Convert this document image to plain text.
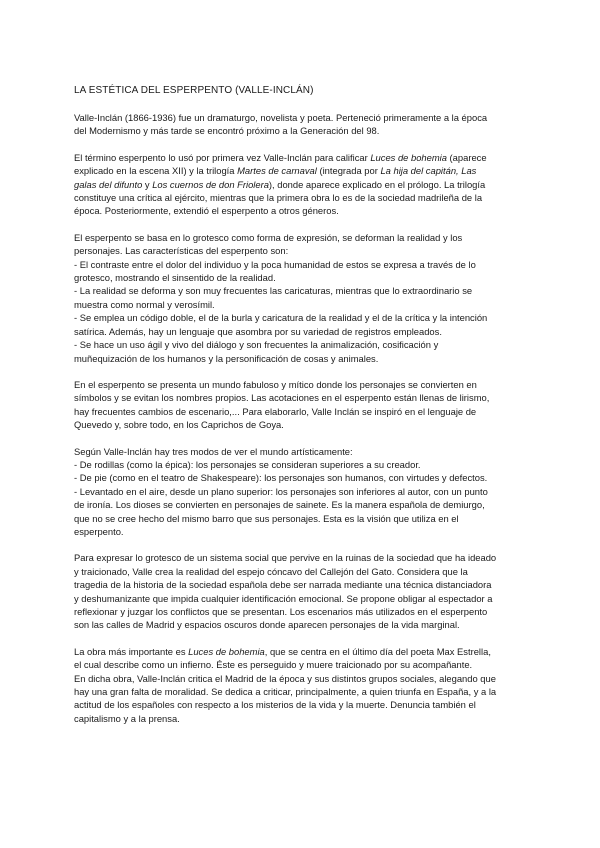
LA ESTÉTICA DEL ESPERPENTO (VALLE-INCLÁN)
Valle-Inclán (1866-1936) fue un dramaturgo, novelista y poeta. Perteneció primeramente a la época
del Modernismo y más tarde se encontró próximo a la Generación del 98.
El término esperpento lo usó por primera vez Valle-Inclán para calificar Luces de bohemia (aparece
explicado en la escena XII) y la trilogía Martes de carnaval (integrada por La hija del capitán, Las
galas del difunto y Los cuernos de don Friolera), donde aparece explicado en el prólogo. La trilogía
constituye una crítica al ejército, mientras que la primera obra lo es de la sociedad madrileña de la
época. Posteriormente, extendió el esperpento a otros géneros.
El esperpento se basa en lo grotesco como forma de expresión, se deforman la realidad y los
personajes. Las características del esperpento son:
- El contraste entre el dolor del individuo y la poca humanidad de estos se expresa a través de lo
grotesco, mostrando el sinsentido de la realidad.
- La realidad se deforma y son muy frecuentes las caricaturas, mientras que lo extraordinario se
muestra como normal y verosímil.
- Se emplea un código doble, el de la burla y caricatura de la realidad y el de la crítica y la intención
satírica. Además, hay un lenguaje que asombra por su variedad de registros empleados.
- Se hace un uso ágil y vivo del diálogo y son frecuentes la animalización, cosificación y
muñequización de los humanos y la personificación de cosas y animales.
En el esperpento se presenta un mundo fabuloso y mítico donde los personajes se convierten en
símbolos y se evitan los nombres propios. Las acotaciones en el esperpento están llenas de lirismo,
hay frecuentes cambios de escenario,... Para elaborarlo, Valle Inclán se inspiró en el lenguaje de
Quevedo y, sobre todo, en los Caprichos de Goya.
Según Valle-Inclán hay tres modos de ver el mundo artísticamente:
- De rodillas (como la épica): los personajes se consideran superiores a su creador.
- De pie (como en el teatro de Shakespeare): los personajes son humanos, con virtudes y defectos.
- Levantado en el aire, desde un plano superior: los personajes son inferiores al autor, con un punto
de ironía. Los dioses se convierten en personajes de sainete. Es la manera española de demiurgo,
que no se cree hecho del mismo barro que sus personajes. Esta es la visión que utiliza en el
esperpento.
Para expresar lo grotesco de un sistema social que pervive en la ruinas de la sociedad que ha ideado
y traicionado, Valle crea la realidad del espejo cóncavo del Callejón del Gato. Considera que la
tragedia de la historia de la sociedad española debe ser narrada mediante una técnica distanciadora
y deshumanizante que impida cualquier identificación emocional. Se propone obligar al espectador a
reflexionar y juzgar los conflictos que se presentan. Los escenarios más utilizados en el esperpento
son las calles de Madrid y espacios oscuros donde aparecen personajes de la vida marginal.
La obra más importante es Luces de bohemia, que se centra en el último día del poeta Max Estrella,
el cual describe como un infierno. Éste es perseguido y muere traicionado por su acompañante.
En dicha obra, Valle-Inclán critica el Madrid de la época y sus distintos grupos sociales, alegando que
hay una gran falta de moralidad. Se dedica a criticar, principalmente, a quien triunfa en España, y a la
actitud de los españoles con respecto a los misterios de la vida y la muerte. Denuncia también el
capitalismo y a la prensa.
